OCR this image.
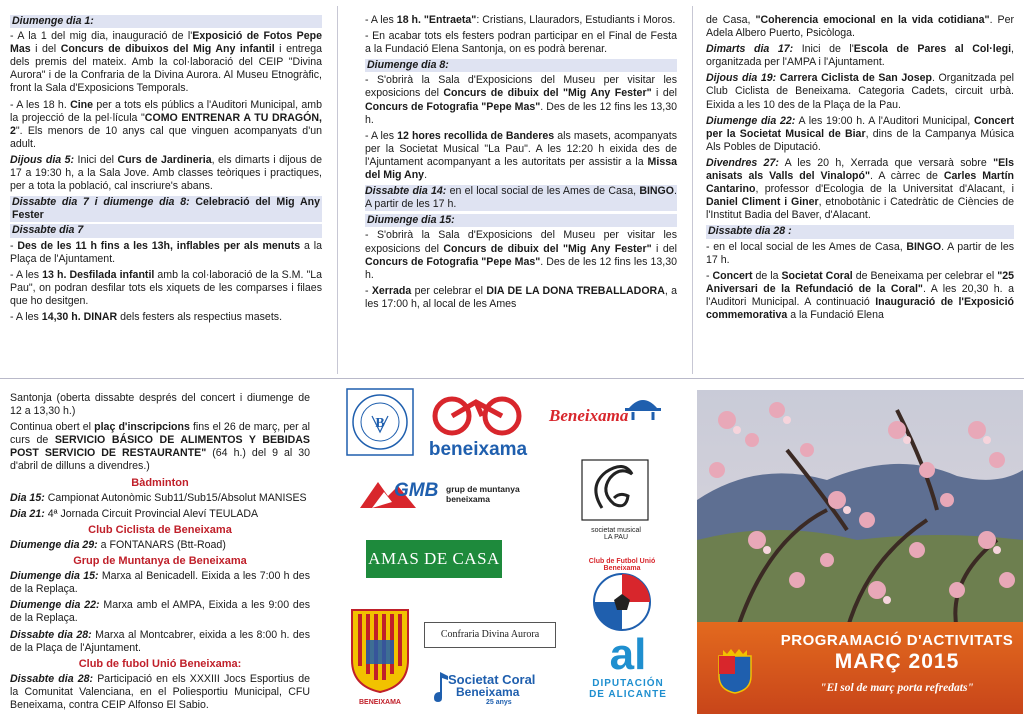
Diumenge dia 1:

- A la 1 del mig dia, inauguració de l'Exposició de Fotos Pepe Mas i del Concurs de dibuixos del Mig Any infantil i entrega dels premis del mateix. Amb la col·laboració del CEIP "Divina Aurora" i de la Confraria de la Divina Aurora. Al Museu Etnogràfic, front la Sala d'Exposicions Temporals.

- A les 18 h. Cine per a tots els públics a l'Auditori Municipal, amb la projecció de la pel·lícula "COMO ENTRENAR A TU DRAGÓN, 2". Els menors de 10 anys cal que vinguen acompanyats d'un adult.

Dijous dia 5: Inici del Curs de Jardineria, els dimarts i dijous de 17 a 19:30 h, a la Sala Jove. Amb classes teòriques i practiques, per a tota la població, cal inscriure's abans.

Dissabte dia 7 i diumenge dia 8: Celebració del Mig Any Fester
Dissabte dia 7

- Des de les 11 h fins a les 13h, inflables per als menuts a la Plaça de l'Ajuntament.

- A les 13 h. Desfilada infantil amb la col·laboració de la S.M. "La Pau", on podran desfilar tots els xiquets de les comparses i filaes que ho desitgen.

- A les 14,30 h. DINAR dels festers als respectius masets.

- A les 18 h. "Entraeta": Cristians, Llauradors, Estudiants i Moros.

- En acabar tots els festers podran participar en el Final de Festa a la Fundació Elena Santonja, on es podrà berenar.

Diumenge dia 8:

- S'obrirà la Sala d'Exposicions del Museu per visitar les exposicions del Concurs de dibuix del "Mig Any Fester" i del Concurs de Fotografia "Pepe Mas". Des de les 12 fins les 13,30 h.

- A les 12 hores recollida de Banderes als masets, acompanyats per la Societat Musical "La Pau". A les 12:20 h eixida des de l'Ajuntament acompanyant a les autoritats per assistir a la Missa del Mig Any.

Dissabte dia 14: en el local social de les Ames de Casa, BINGO. A partir de les 17 h.

Diumenge dia 15:

- S'obrirà la Sala d'Exposicions del Museu per visitar les exposicions del Concurs de dibuix del "Mig Any Fester" i del Concurs de Fotografia "Pepe Mas". Des de les 12 fins les 13,30 h.

- Xerrada per celebrar el DIA DE LA DONA TREBALLADORA, a les 17:00 h, al local de les Ames

de Casa, "Coherencia emocional en la vida cotidiana". Per Adela Albero Puerto, Psicòloga.

Dimarts dia 17: Inici de l'Escola de Pares al Col·legi, organitzada per l'AMPA i l'Ajuntament.

Dijous dia 19: Carrera Ciclista de San Josep. Organitzada pel Club Ciclista de Beneixama. Categoria Cadets, circuit urbà. Eixida a les 10 des de la Plaça de la Pau.

Diumenge dia 22: A les 19:00 h. A l'Auditori Municipal, Concert per la Societat Musical de Biar, dins de la Campanya Música Als Pobles de Diputació.

Divendres 27: A les 20 h, Xerrada que versarà sobre "Els anisats als Valls del Vinalopó". A càrrec de Carles Martín Cantarino, professor d'Ecologia de la Universitat d'Alacant, i Daniel Climent i Giner, etnobotànic i Catedràtic de Ciències de l'Institut Badia del Baver, d'Alacant.

Dissabte dia 28 :

- en el local social de les Ames de Casa, BINGO. A partir de les 17 h.

- Concert de la Societat Coral de Beneixama per celebrar el "25 Aniversari de la Refundació de la Coral". A les 20,30 h. a l'Auditori Municipal. A continuació Inauguració de l'Exposició commemorativa a la Fundació Elena

Santonja (oberta dissabte després del concert i diumenge de 12 a 13,30 h.)

Continua obert el plaç d'inscripcions fins el 26 de març, per al curs de SERVICIO BÁSICO DE ALIMENTOS Y BEBIDAS POST SERVICIO DE RESTAURANTE" (64 h.) del 9 al 30 d'abril de dilluns a divendres.)

Bàdminton

Dia 15: Campionat Autonòmic Sub11/Sub15/Absolut MANISES

Dia 21: 4ª Jornada Circuit Provincial Aleví TEULADA

Club Ciclista de Beneixama

Diumenge dia 29: a FONTANARS (Btt-Road)

Grup de Muntanya de Beneixama

Diumenge dia 15: Marxa al Benicadell. Eixida a les 7:00 h des de la Replaça.

Diumenge dia 22: Marxa amb el AMPA, Eixida a les 9:00 des de la Replaça.

Dissabte dia 28: Marxa al Montcabrer, eixida a les 8:00 h. des de la Plaça de l'Ajuntament.

Club de fubol Unió Beneixama:

Dissabte dia 28: Participació en els XXXIII Jocs Esportius de la Comunitat Valenciana, en el Poliesportiu Municipal, CFU Beneixama, contra CEIP Alfonso El Sabio.

B
beneixama
Beneixama
GMB grup de muntanya
beneixama
societat musical
LA PAU
AMAS DE CASA	Club de Futbol Unió Beneixama
BENEIXAMA
Confraria Divina Aurora
Societat Coral
Beneixama
25 anys
al
DIPUTACIÓN
DE ALICANTE
PROGRAMACIÓ D'ACTIVITATS
MARÇ 2015
"El sol de març porta refredats"
